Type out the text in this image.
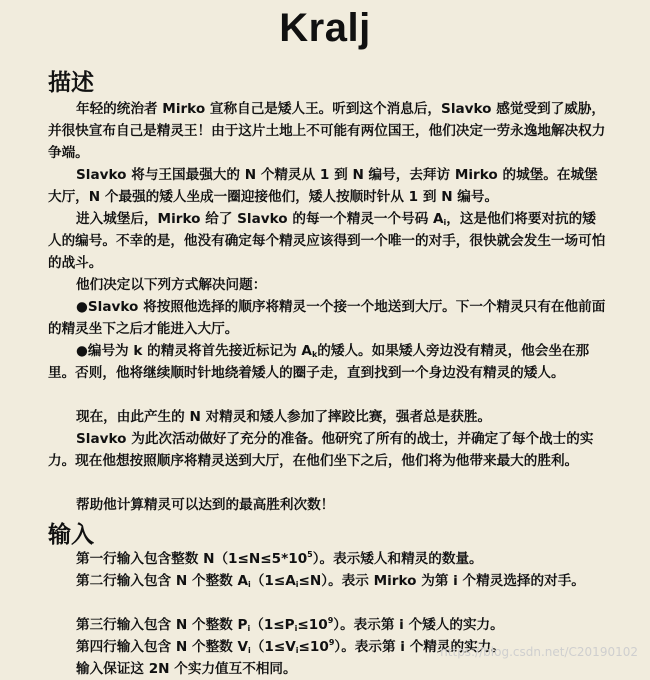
Kralj
描述
年轻的统治者 Mirko 宣称自己是矮人王。听到这个消息后，Slavko 感觉受到了威胁，并很快宣布自己是精灵王！由于这片土地上不可能有两位国王，他们决定一劳永逸地解决权力争端。
Slavko 将与王国最强大的 N 个精灵从 1 到 N 编号，去拜访 Mirko 的城堡。在城堡大厅，N 个最强的矮人坐成一圈迎接他们，矮人按顺时针从 1 到 N 编号。
进入城堡后，Mirko 给了 Slavko 的每一个精灵一个号码 $A_i$，这是他们将要对抗的矮人的编号。不幸的是，他没有确定每个精灵应该得到一个唯一的对手，很快就会发生一场可怕的战斗。
他们决定以下列方式解决问题：
●Slavko 将按照他选择的顺序将精灵一个接一个地送到大厅。下一个精灵只有在他前面的精灵坐下之后才能进入大厅。
●编号为 k 的精灵将首先接近标记为 $A_k$的矮人。如果矮人旁边没有精灵，他会坐在那里。否则，他将继续顺时针地绕着矮人的圈子走，直到找到一个身边没有精灵的矮人。
现在，由此产生的 N 对精灵和矮人参加了摔跤比赛，强者总是获胜。
Slavko 为此次活动做好了充分的准备。他研究了所有的战士，并确定了每个战士的实力。现在他想按照顺序将精灵送到大厅，在他们坐下之后，他们将为他带来最大的胜利。
帮助他计算精灵可以达到的最高胜利次数！
输入
第一行输入包含整数 $N(1\le N\le 5*10^5)$。表示矮人和精灵的数量。
第二行输入包含 N 个整数 $A_i(1\le A_i\le N)$。表示 Mirko 为第 i 个精灵选择的对手。
第三行输入包含 N 个整数 $P_i(1\le P_i\le 10^9)$。表示第 i 个矮人的实力。
第四行输入包含 N 个整数 $V_i(1\le V_i\le 10^9)$。表示第 i 个精灵的实力。
输入保证这 2N 个实力值互不相同。
https://blog.csdn.net/C20190102
